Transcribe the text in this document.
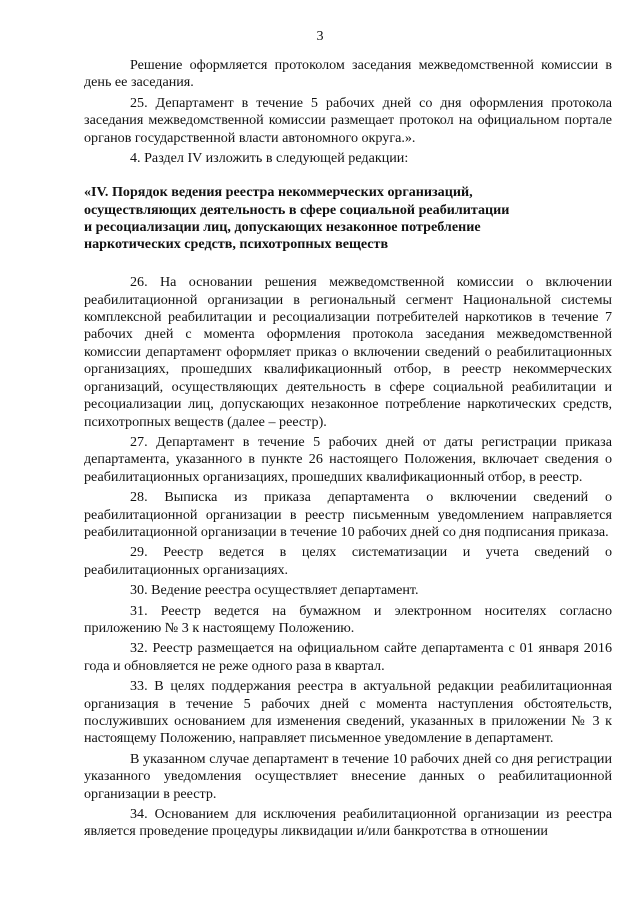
3

Решение оформляется протоколом заседания межведомственной комиссии в день ее заседания.

25. Департамент в течение 5 рабочих дней со дня оформления протокола заседания межведомственной комиссии размещает протокол на официальном портале органов государственной власти автономного округа.».

4. Раздел IV изложить в следующей редакции:

«IV. Порядок ведения реестра некоммерческих организаций,
осуществляющих деятельность в сфере социальной реабилитации
и ресоциализации лиц, допускающих незаконное потребление
наркотических средств, психотропных веществ

26. На основании решения межведомственной комиссии о включении реабилитационной организации в региональный сегмент Национальной системы комплексной реабилитации и ресоциализации потребителей наркотиков в течение 7 рабочих дней с момента оформления протокола заседания межведомственной комиссии департамент оформляет приказ о включении сведений о реабилитационных организациях, прошедших квалификационный отбор, в реестр некоммерческих организаций, осуществляющих деятельность в сфере социальной реабилитации и ресоциализации лиц, допускающих незаконное потребление наркотических средств, психотропных веществ (далее – реестр).

27. Департамент в течение 5 рабочих дней от даты регистрации приказа департамента, указанного в пункте 26 настоящего Положения, включает сведения о реабилитационных организациях, прошедших квалификационный отбор, в реестр.

28. Выписка из приказа департамента о включении сведений о реабилитационной организации в реестр письменным уведомлением направляется реабилитационной организации в течение 10 рабочих дней со дня подписания приказа.

29. Реестр ведется в целях систематизации и учета сведений о реабилитационных организациях.

30. Ведение реестра осуществляет департамент.

31. Реестр ведется на бумажном и электронном носителях согласно приложению № 3 к настоящему Положению.

32. Реестр размещается на официальном сайте департамента с 01 января 2016 года и обновляется не реже одного раза в квартал.

33. В целях поддержания реестра в актуальной редакции реабилитационная организация в течение 5 рабочих дней с момента наступления обстоятельств, послуживших основанием для изменения сведений, указанных в приложении № 3 к настоящему Положению, направляет письменное уведомление в департамент.

В указанном случае департамент в течение 10 рабочих дней со дня регистрации указанного уведомления осуществляет внесение данных о реабилитационной организации в реестр.

34. Основанием для исключения реабилитационной организации из реестра является проведение процедуры ликвидации и/или банкротства в отношении
